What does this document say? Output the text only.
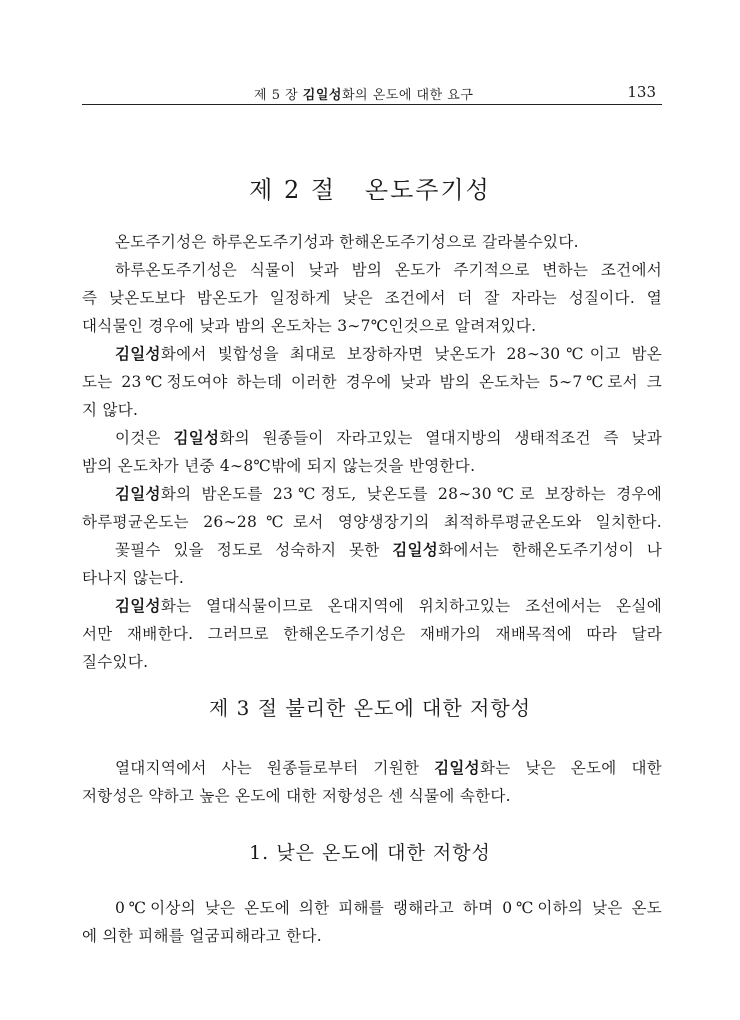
제 5 장 김일성화의 온도에 대한 요구	133
제 2 절   온도주기성
온도주기성은 하루온도주기성과 한해온도주기성으로 갈라볼수있다.
하루온도주기성은 식물이 낮과 밤의 온도가 주기적으로 변하는 조건에서
즉 낮온도보다 밤온도가 일정하게 낮은 조건에서 더 잘 자라는 성질이다. 열
대식물인 경우에 낮과 밤의 온도차는 3∼7℃인것으로 알려져있다.
김일성화에서 빛합성을 최대로 보장하자면 낮온도가 28∼30℃이고 밤온
도는 23℃정도여야 하는데 이러한 경우에 낮과 밤의 온도차는 5∼7℃로서 크
지 않다.
이것은 김일성화의 원종들이 자라고있는 열대지방의 생태적조건 즉 낮과
밤의 온도차가 년중 4∼8℃밖에 되지 않는것을 반영한다.
김일성화의 밤온도를 23℃정도, 낮온도를 28∼30℃로 보장하는 경우에
하루평균온도는 26∼28℃로서 영양생장기의 최적하루평균온도와 일치한다.
꽃필수 있을 정도로 성숙하지 못한 김일성화에서는 한해온도주기성이 나
타나지 않는다.
김일성화는 열대식물이므로 온대지역에 위치하고있는 조선에서는 온실에
서만 재배한다. 그러므로 한해온도주기성은 재배가의 재배목적에 따라 달라
질수있다.
제 3 절 불리한 온도에 대한 저항성
열대지역에서 사는 원종들로부터 기원한 김일성화는 낮은 온도에 대한
저항성은 약하고 높은 온도에 대한 저항성은 센 식물에 속한다.
1. 낮은 온도에 대한 저항성
0℃이상의 낮은 온도에 의한 피해를 랭해라고 하며 0℃이하의 낮은 온도
에 의한 피해를 얼굼피해라고 한다.
